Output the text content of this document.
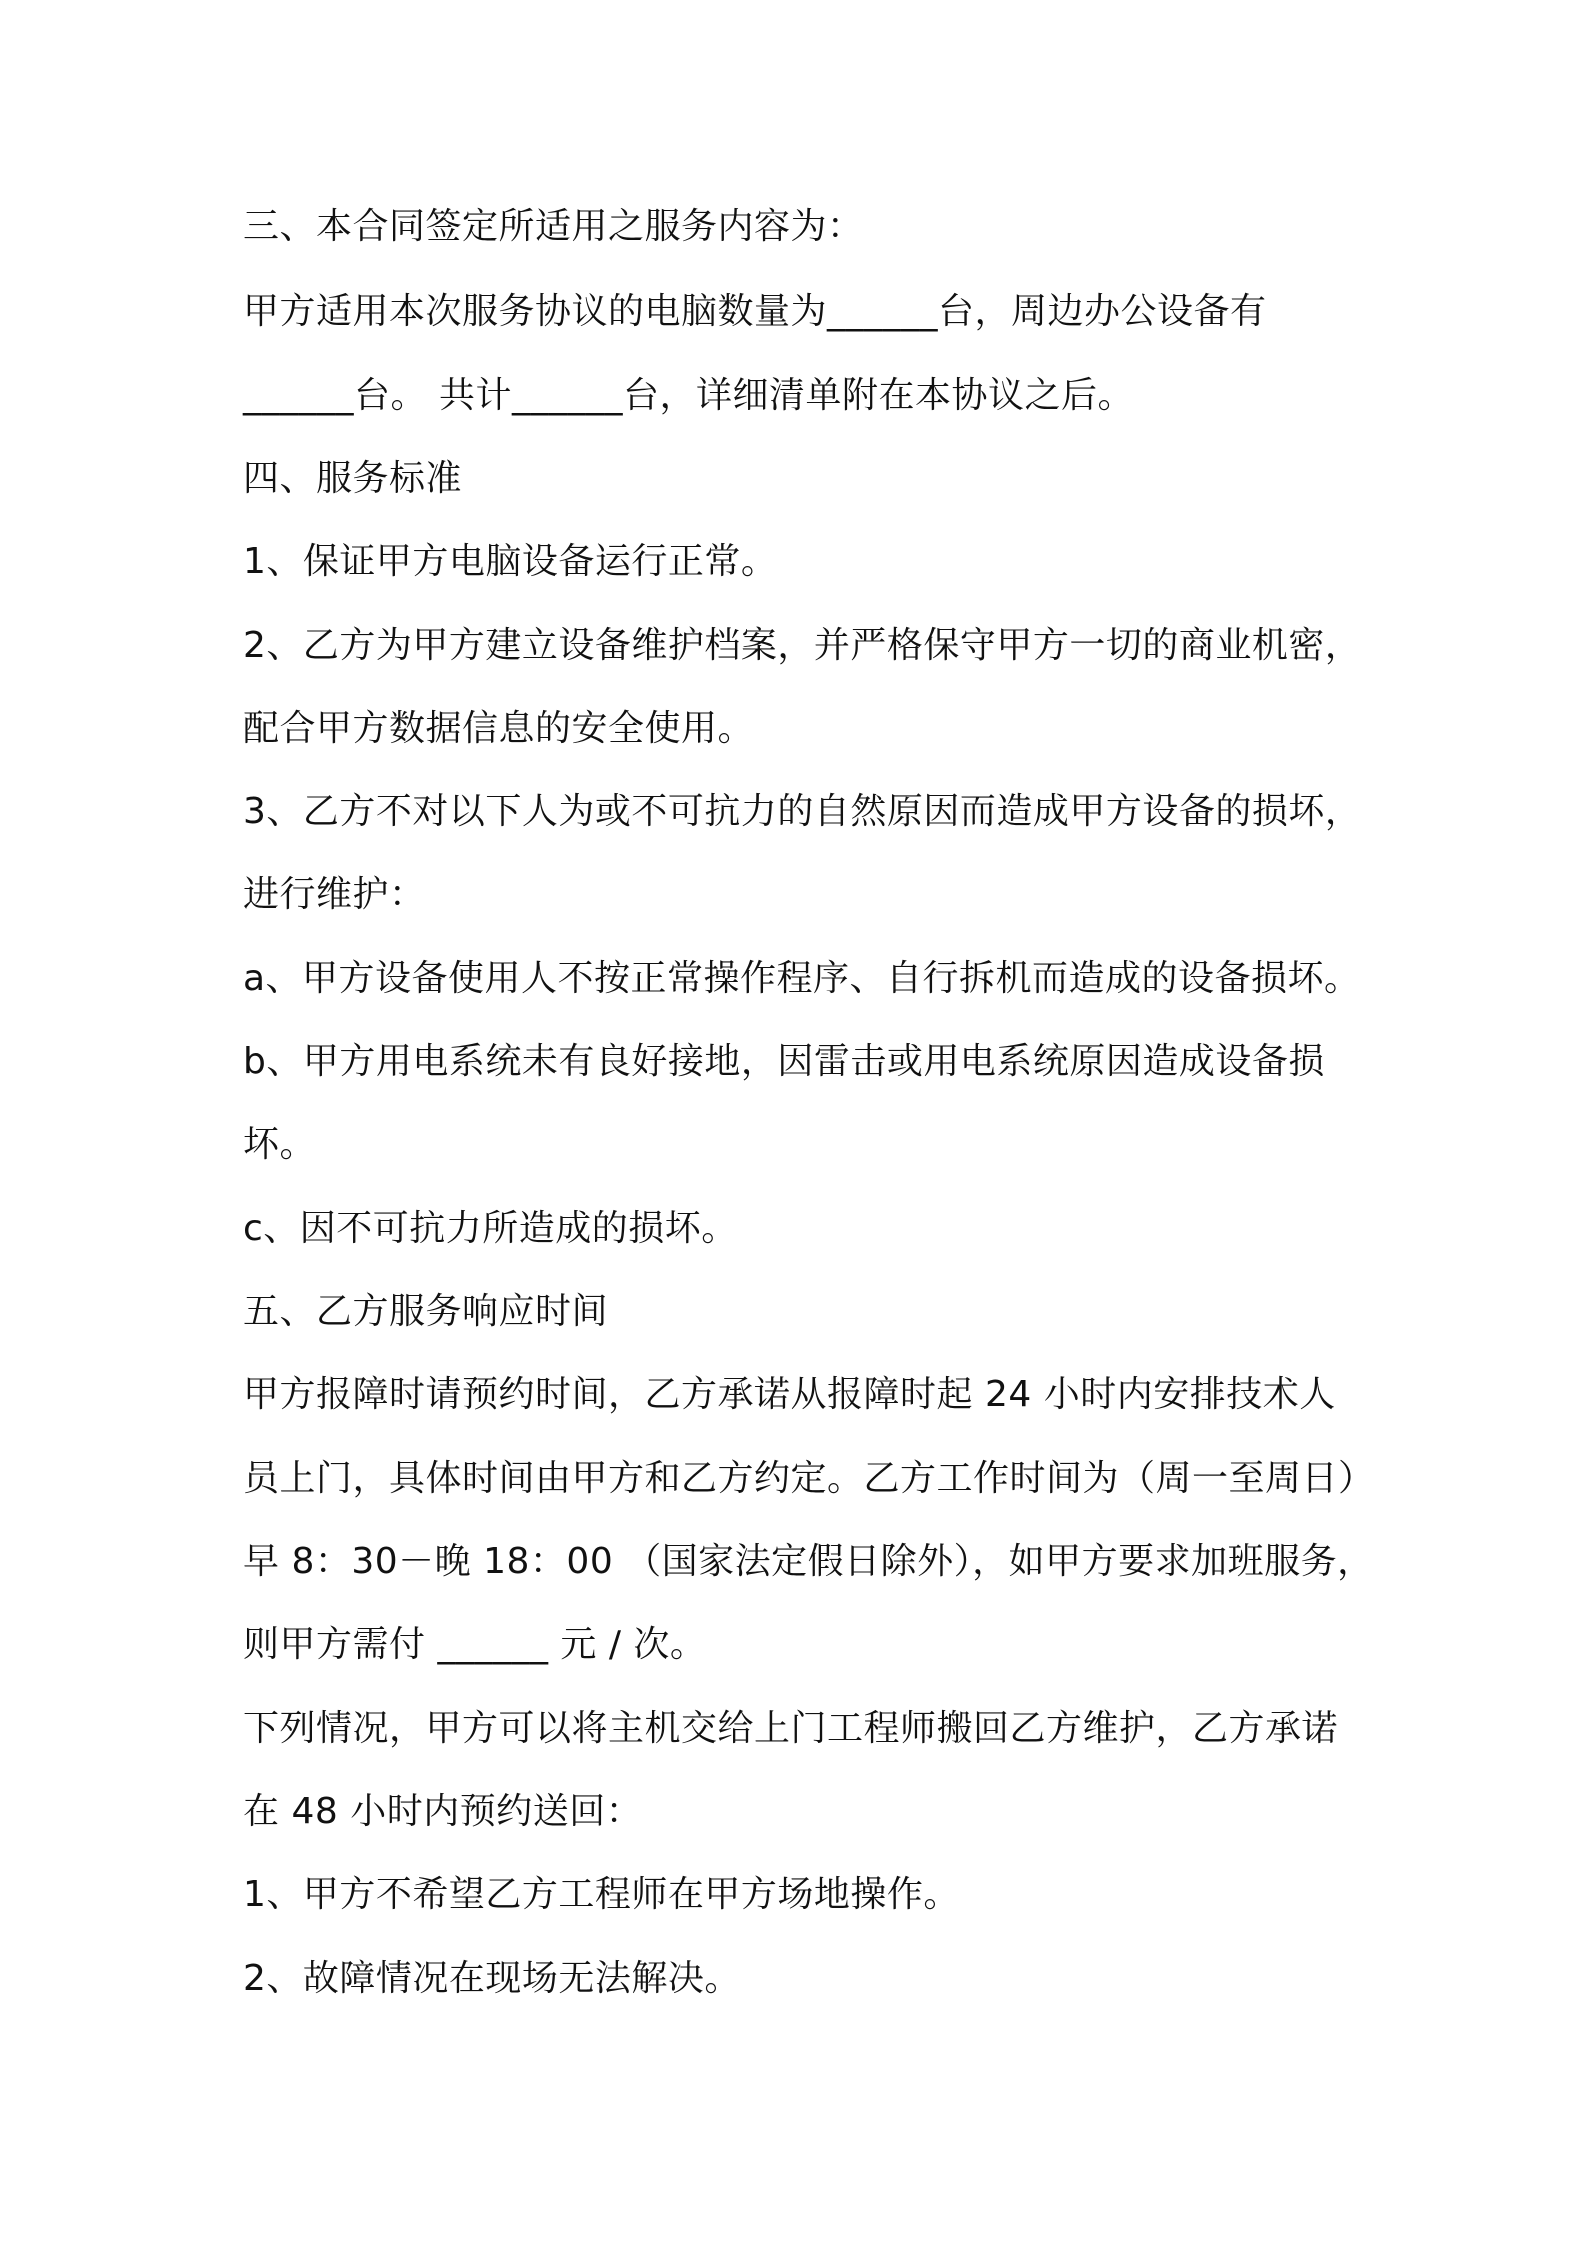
三、本合同签定所适用之服务内容为：
甲方适用本次服务协议的电脑数量为______台，周边办公设备有
______台。 共计______台，详细清单附在本协议之后。
四、服务标准
1、保证甲方电脑设备运行正常。
2、乙方为甲方建立设备维护档案，并严格保守甲方一切的商业机密，
配合甲方数据信息的安全使用。
3、乙方不对以下人为或不可抗力的自然原因而造成甲方设备的损坏，
进行维护：
a、甲方设备使用人不按正常操作程序、自行拆机而造成的设备损坏。
b、甲方用电系统未有良好接地，因雷击或用电系统原因造成设备损
坏。
c、因不可抗力所造成的损坏。
五、乙方服务响应时间
甲方报障时请预约时间，乙方承诺从报障时起 24 小时内安排技术人
员上门，具体时间由甲方和乙方约定。乙方工作时间为（周一至周日）
早 8：30－晚 18：00 （国家法定假日除外），如甲方要求加班服务，
则甲方需付 ______ 元 / 次。
下列情况，甲方可以将主机交给上门工程师搬回乙方维护，乙方承诺
在 48 小时内预约送回：
1、甲方不希望乙方工程师在甲方场地操作。
2、故障情况在现场无法解决。
